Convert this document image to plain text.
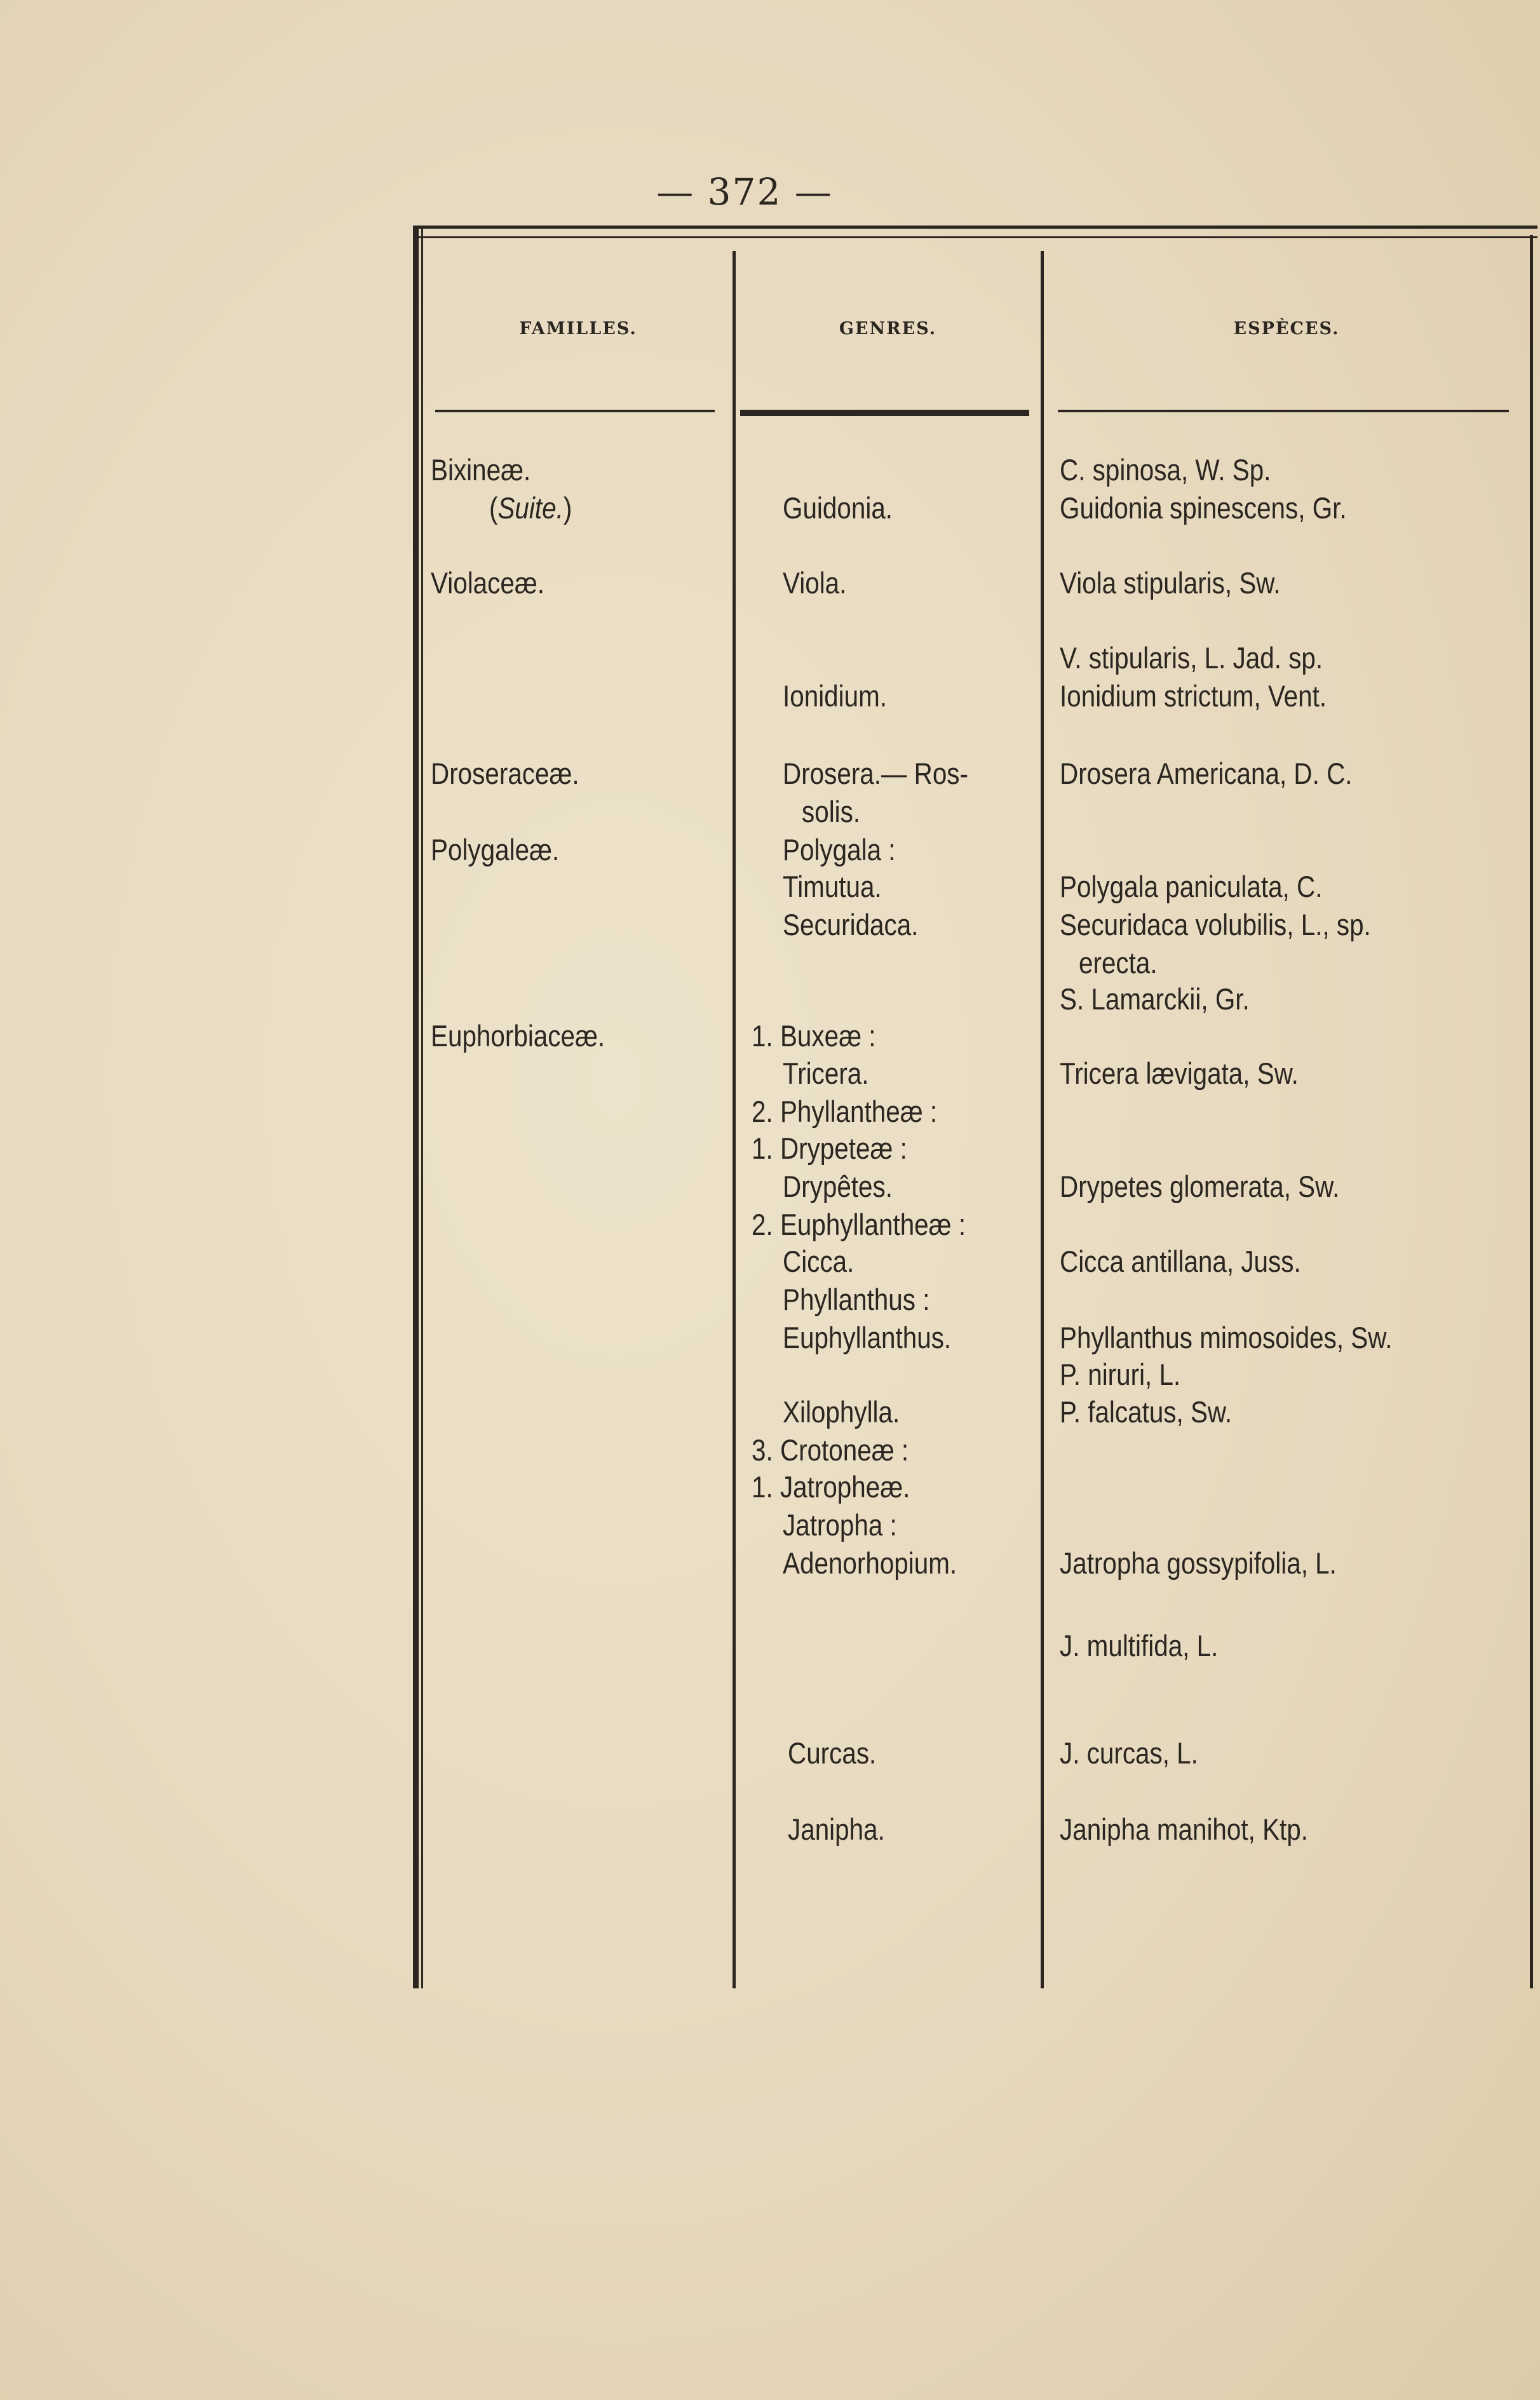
— 372 —
FAMILLES.	GENRES.	ESPÈCES.
Bixineæ.
(Suite.)
Violaceæ.
Droseraceæ.
Polygaleæ.
Euphorbiaceæ.
Guidonia.
Viola.
Ionidium.
Drosera.— Ros-
solis.
Polygala :
Timutua.
Securidaca.
1. Buxeæ :
Tricera.
2. Phyllantheæ :
1. Drypeteæ :
Drypêtes.
2. Euphyllantheæ :
Cicca.
Phyllanthus :
Euphyllanthus.
Xilophylla.
3. Crotoneæ :
1. Jatropheæ.
Jatropha :
Adenorhopium.
Curcas.
Janipha.
C. spinosa, W. Sp.
Guidonia spinescens, Gr.
Viola stipularis, Sw.
V. stipularis, L. Jad. sp.
Ionidium strictum, Vent.
Drosera Americana, D. C.
Polygala paniculata, C.
Securidaca volubilis, L., sp.
erecta.
S. Lamarckii, Gr.
Tricera lævigata, Sw.
Drypetes glomerata, Sw.
Cicca antillana, Juss.
Phyllanthus mimosoides, Sw.
P. niruri, L.
P. falcatus, Sw.
Jatropha gossypifolia, L.
J. multifida, L.
J. curcas, L.
Janipha manihot, Ktp.
